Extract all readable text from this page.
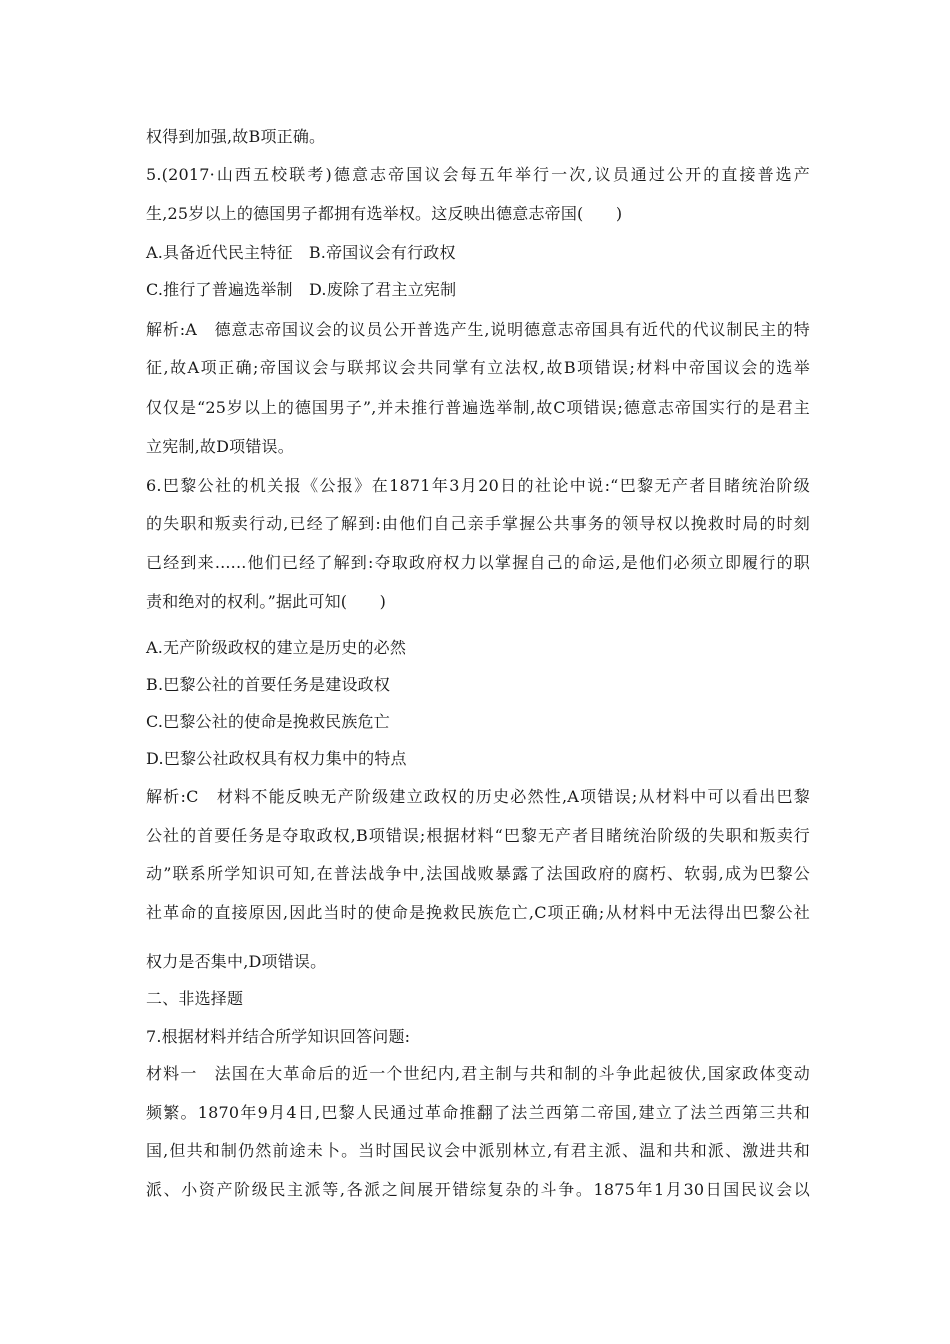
权得到加强,故B项正确。
5.(2017·山西五校联考)德意志帝国议会每五年举行一次,议员通过公开的直接普选产
生,25岁以上的德国男子都拥有选举权。这反映出德意志帝国(　　)
A.具备近代民主特征　B.帝国议会有行政权
C.推行了普遍选举制　D.废除了君主立宪制
解析:A　德意志帝国议会的议员公开普选产生,说明德意志帝国具有近代的代议制民主的特
征,故A项正确;帝国议会与联邦议会共同掌有立法权,故B项错误;材料中帝国议会的选举
仅仅是“25岁以上的德国男子”,并未推行普遍选举制,故C项错误;德意志帝国实行的是君主
立宪制,故D项错误。
6.巴黎公社的机关报《公报》在1871年3月20日的社论中说:“巴黎无产者目睹统治阶级
的失职和叛卖行动,已经了解到:由他们自己亲手掌握公共事务的领导权以挽救时局的时刻
已经到来......他们已经了解到:夺取政府权力以掌握自己的命运,是他们必须立即履行的职
责和绝对的权利。”据此可知(　　)
A.无产阶级政权的建立是历史的必然
B.巴黎公社的首要任务是建设政权
C.巴黎公社的使命是挽救民族危亡
D.巴黎公社政权具有权力集中的特点
解析:C　材料不能反映无产阶级建立政权的历史必然性,A项错误;从材料中可以看出巴黎
公社的首要任务是夺取政权,B项错误;根据材料“巴黎无产者目睹统治阶级的失职和叛卖行
动”联系所学知识可知,在普法战争中,法国战败暴露了法国政府的腐朽、软弱,成为巴黎公
社革命的直接原因,因此当时的使命是挽救民族危亡,C项正确;从材料中无法得出巴黎公社
权力是否集中,D项错误。
二、非选择题
7.根据材料并结合所学知识回答问题:
材料一　法国在大革命后的近一个世纪内,君主制与共和制的斗争此起彼伏,国家政体变动
频繁。1870年9月4日,巴黎人民通过革命推翻了法兰西第二帝国,建立了法兰西第三共和
国,但共和制仍然前途未卜。当时国民议会中派别林立,有君主派、温和共和派、激进共和
派、小资产阶级民主派等,各派之间展开错综复杂的斗争。1875年1月30日国民议会以
